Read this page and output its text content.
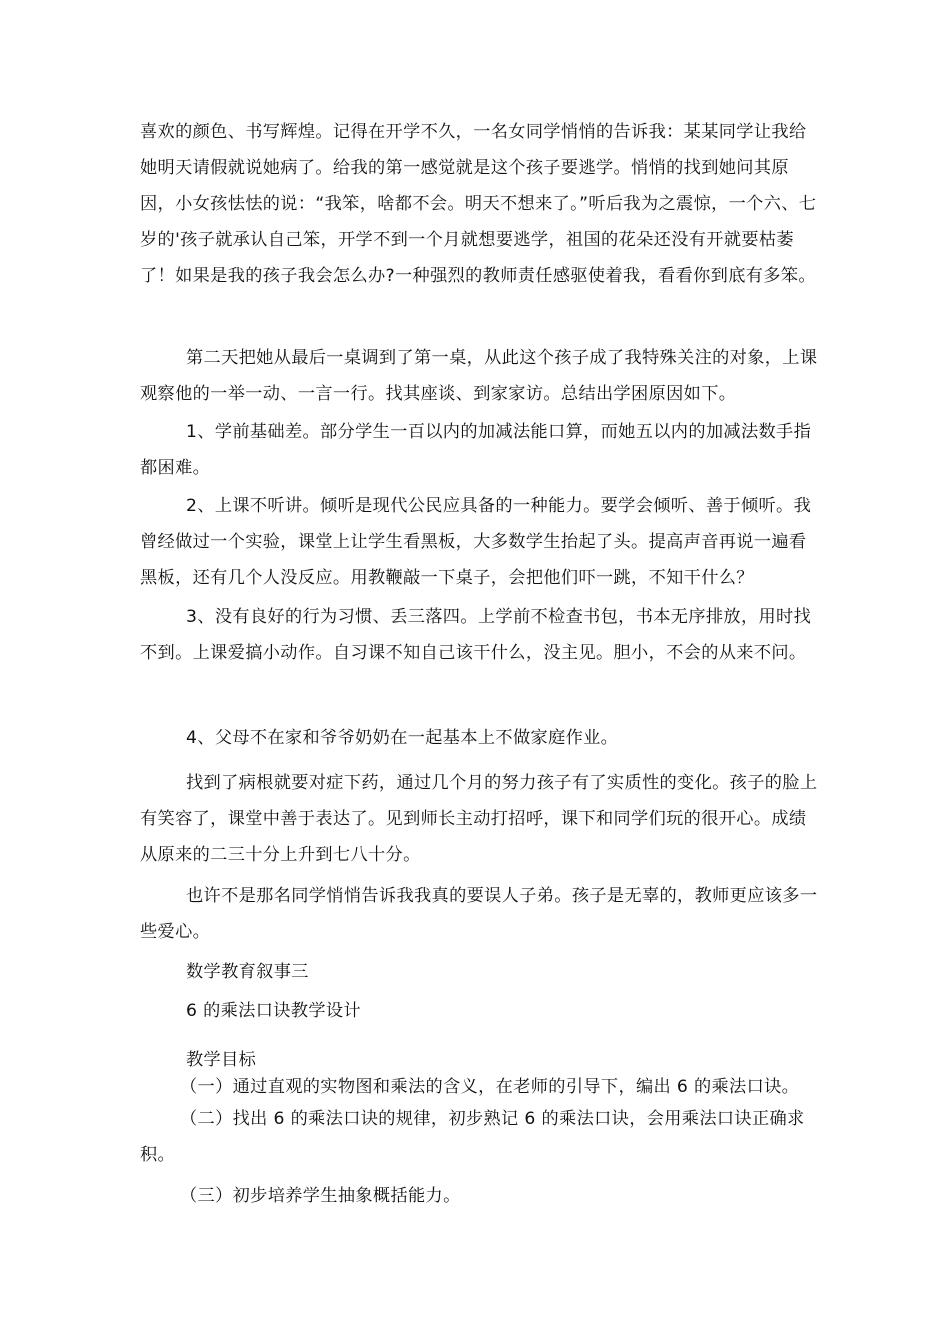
喜欢的颜色、书写辉煌。记得在开学不久，一名女同学悄悄的告诉我：某某同学让我给她明天请假就说她病了。给我的第一感觉就是这个孩子要逃学。悄悄的找到她问其原因，小女孩怯怯的说：“我笨，啥都不会。明天不想来了。”听后我为之震惊，一个六、七岁的'孩子就承认自己笨，开学不到一个月就想要逃学，祖国的花朵还没有开就要枯萎了！如果是我的孩子我会怎么办?一种强烈的教师责任感驱使着我，看看你到底有多笨。

第二天把她从最后一桌调到了第一桌，从此这个孩子成了我特殊关注的对象，上课观察他的一举一动、一言一行。找其座谈、到家家访。总结出学困原因如下。

1、学前基础差。部分学生一百以内的加减法能口算，而她五以内的加减法数手指都困难。

2、上课不听讲。倾听是现代公民应具备的一种能力。要学会倾听、善于倾听。我曾经做过一个实验，课堂上让学生看黑板，大多数学生抬起了头。提高声音再说一遍看黑板，还有几个人没反应。用教鞭敲一下桌子，会把他们吓一跳，不知干什么？

3、没有良好的行为习惯、丢三落四。上学前不检查书包，书本无序排放，用时找不到。上课爱搞小动作。自习课不知自己该干什么，没主见。胆小，不会的从来不问。

4、父母不在家和爷爷奶奶在一起基本上不做家庭作业。

找到了病根就要对症下药，通过几个月的努力孩子有了实质性的变化。孩子的脸上有笑容了，课堂中善于表达了。见到师长主动打招呼，课下和同学们玩的很开心。成绩从原来的二三十分上升到七八十分。

也许不是那名同学悄悄告诉我我真的要误人子弟。孩子是无辜的，教师更应该多一些爱心。

数学教育叙事三

6 的乘法口诀教学设计

教学目标

（一）通过直观的实物图和乘法的含义，在老师的引导下，编出 6 的乘法口诀。

（二）找出 6 的乘法口诀的规律，初步熟记 6 的乘法口诀，会用乘法口诀正确求积。

（三）初步培养学生抽象概括能力。
